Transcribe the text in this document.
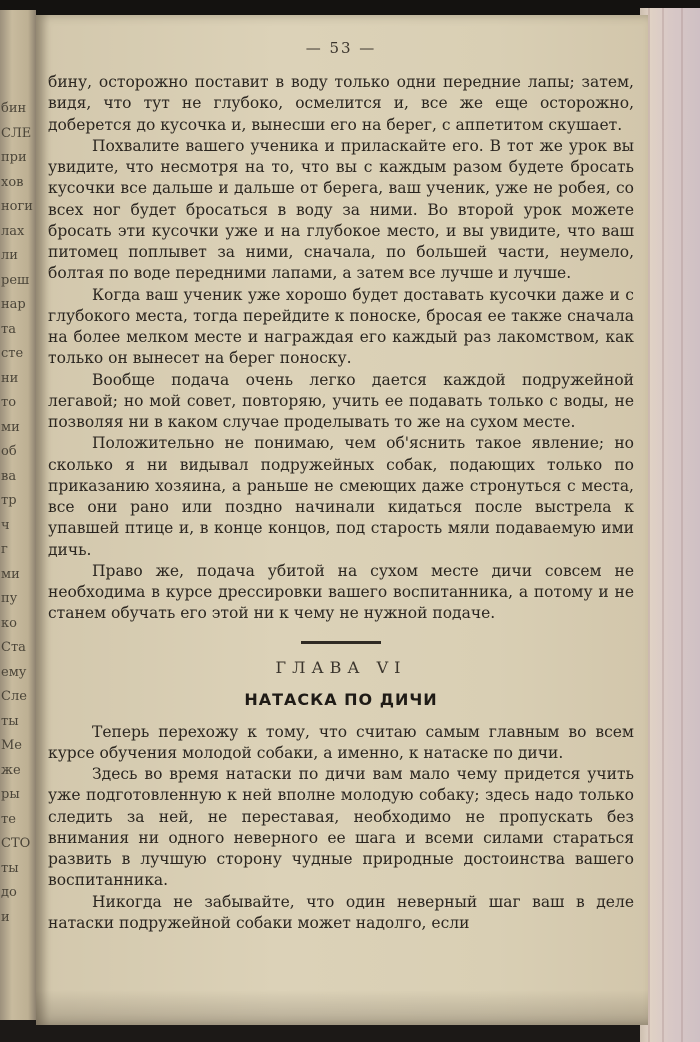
бин
СЛЕ
при
хов
ноги
лах
ли
реш
нар
та
сте
ни
то
ми
об
ва
тр
ч
г
ми
пу
ко
Ста
ему
Сле
ты
Ме
же
ры
те
СТО
ты
до
и
— 53 —

бину, осторожно поставит в воду только одни передние лапы; затем, видя, что тут не глубоко, осмелится и, все же еще осторожно, доберется до кусочка и, вынесши его на берег, с аппетитом скушает.

Похвалите вашего ученика и приласкайте его. В тот же урок вы увидите, что несмотря на то, что вы с каждым разом будете бросать кусочки все дальше и дальше от берега, ваш ученик, уже не робея, со всех ног будет бросаться в воду за ними. Во второй урок можете бросать эти кусочки уже и на глубокое место, и вы увидите, что ваш питомец поплывет за ними, сначала, по большей части, неумело, болтая по воде передними лапами, а затем все лучше и лучше.

Когда ваш ученик уже хорошо будет доставать кусочки даже и с глубокого места, тогда перейдите к поноске, бросая ее также сначала на более мелком месте и награждая его каждый раз лакомством, как только он вынесет на берег поноску.

Вообще подача очень легко дается каждой подружейной легавой; но мой совет, повторяю, учить ее подавать только с воды, не позволяя ни в каком случае проделывать то же на сухом месте.

Положительно не понимаю, чем об'яснить такое явление; но сколько я ни видывал подружейных собак, подающих только по приказанию хозяина, а раньше не смеющих даже стронуться с места, все они рано или поздно начинали кидаться после выстрела к упавшей птице и, в конце концов, под старость мяли подаваемую ими дичь.

Право же, подача убитой на сухом месте дичи совсем не необходима в курсе дрессировки вашего воспитанника, а потому и не станем обучать его этой ни к чему не нужной подаче.

ГЛАВА VI
НАТАСКА ПО ДИЧИ

Теперь перехожу к тому, что считаю самым главным во всем курсе обучения молодой собаки, а именно, к натаске по дичи.

Здесь во время натаски по дичи вам мало чему придется учить уже подготовленную к ней вполне молодую собаку; здесь надо только следить за ней, не переставая, необходимо не пропускать без внимания ни одного неверного ее шага и всеми силами стараться развить в лучшую сторону чудные природные достоинства вашего воспитанника.

Никогда не забывайте, что один неверный шаг ваш в деле натаски подружейной собаки может надолго, если
